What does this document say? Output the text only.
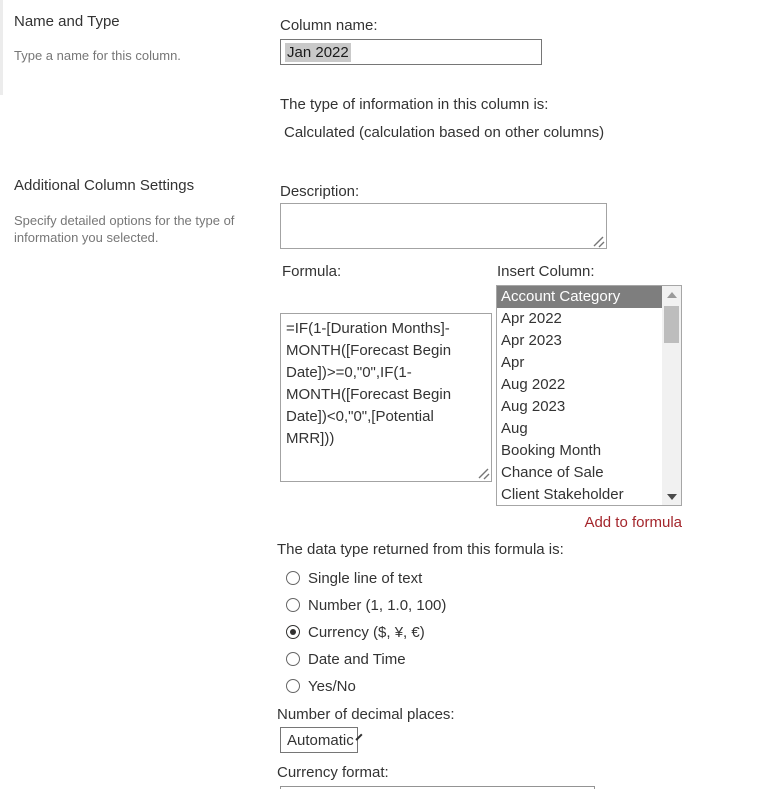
Name and Type
Type a name for this column.
Additional Column Settings
Specify detailed options for the type of information you selected.
Column name:
Jan 2022
The type of information in this column is:
Calculated (calculation based on other columns)
Description:
Formula:
=IF(1-[Duration Months]-MONTH([Forecast Begin Date])>=0,"0",IF(1-MONTH([Forecast Begin Date])<0,"0",[Potential MRR]))	Insert Column:
Account Category
Apr 2022
Apr 2023
Apr
Aug 2022
Aug 2023
Aug
Booking Month
Chance of Sale
Client Stakeholder
Add to formula
The data type returned from this formula is:
Single line of text
Number (1, 1.0, 100)
Currency ($, ¥, €)
Date and Time
Yes/No
Number of decimal places:
Automatic
Currency format:
